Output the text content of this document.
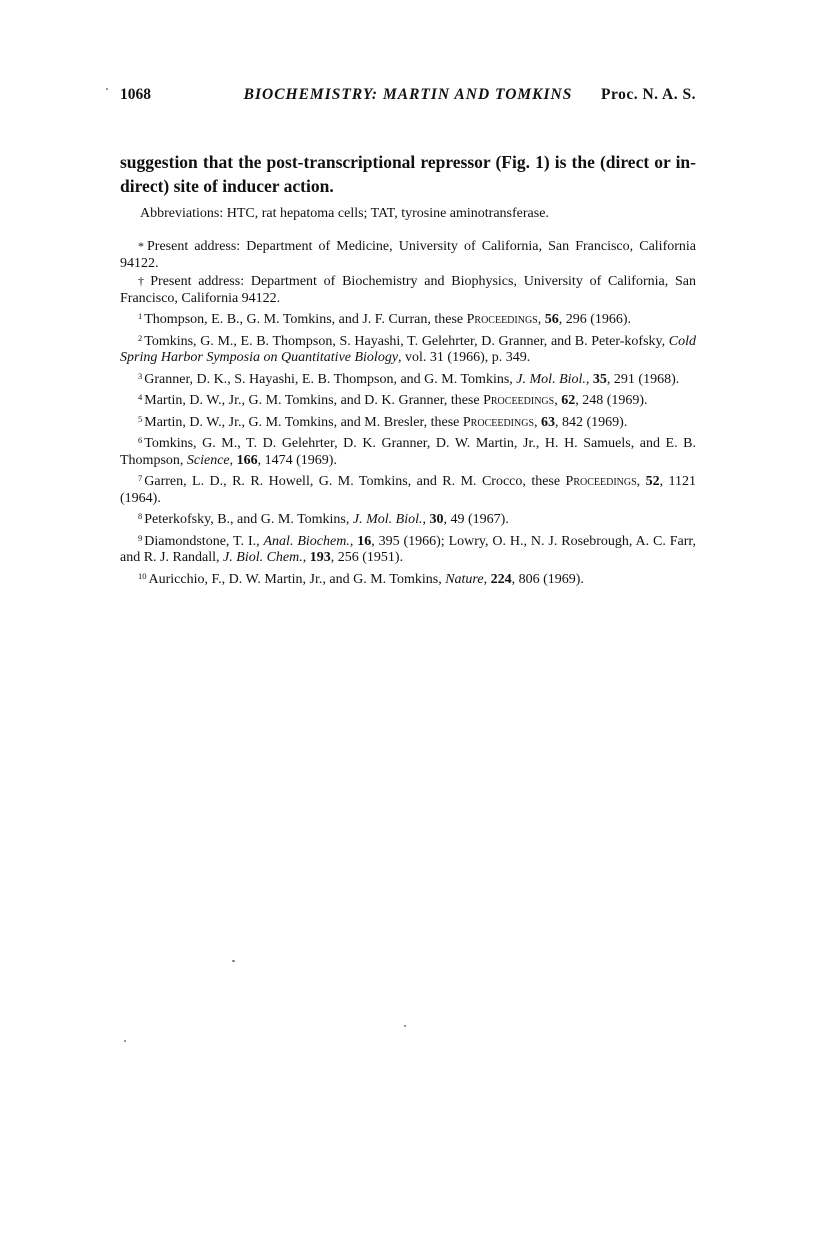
1068	BIOCHEMISTRY: MARTIN AND TOMKINS	Proc. N. A. S.
suggestion that the post-transcriptional repressor (Fig. 1) is the (direct or in- direct) site of inducer action.
Abbreviations: HTC, rat hepatoma cells; TAT, tyrosine aminotransferase.

* Present address: Department of Medicine, University of California, San Francisco, California 94122.

† Present address: Department of Biochemistry and Biophysics, University of California, San Francisco, California 94122.

$^1$ Thompson, E. B., G. M. Tomkins, and J. F. Curran, these Proceedings, 56, 296 (1966).

$^2$ Tomkins, G. M., E. B. Thompson, S. Hayashi, T. Gelehrter, D. Granner, and B. Peter-kofsky, Cold Spring Harbor Symposia on Quantitative Biology, vol. 31 (1966), p. 349.

$^3$ Granner, D. K., S. Hayashi, E. B. Thompson, and G. M. Tomkins, J. Mol. Biol., 35, 291 (1968).

$^4$ Martin, D. W., Jr., G. M. Tomkins, and D. K. Granner, these Proceedings, 62, 248 (1969).

$^5$ Martin, D. W., Jr., G. M. Tomkins, and M. Bresler, these Proceedings, 63, 842 (1969).

$^6$ Tomkins, G. M., T. D. Gelehrter, D. K. Granner, D. W. Martin, Jr., H. H. Samuels, and E. B. Thompson, Science, 166, 1474 (1969).

$^7$ Garren, L. D., R. R. Howell, G. M. Tomkins, and R. M. Crocco, these Proceedings, 52, 1121 (1964).

$^8$ Peterkofsky, B., and G. M. Tomkins, J. Mol. Biol., 30, 49 (1967).

$^9$ Diamondstone, T. I., Anal. Biochem., 16, 395 (1966); Lowry, O. H., N. J. Rosebrough, A. C. Farr, and R. J. Randall, J. Biol. Chem., 193, 256 (1951).

$^{10}$ Auricchio, F., D. W. Martin, Jr., and G. M. Tomkins, Nature, 224, 806 (1969).
